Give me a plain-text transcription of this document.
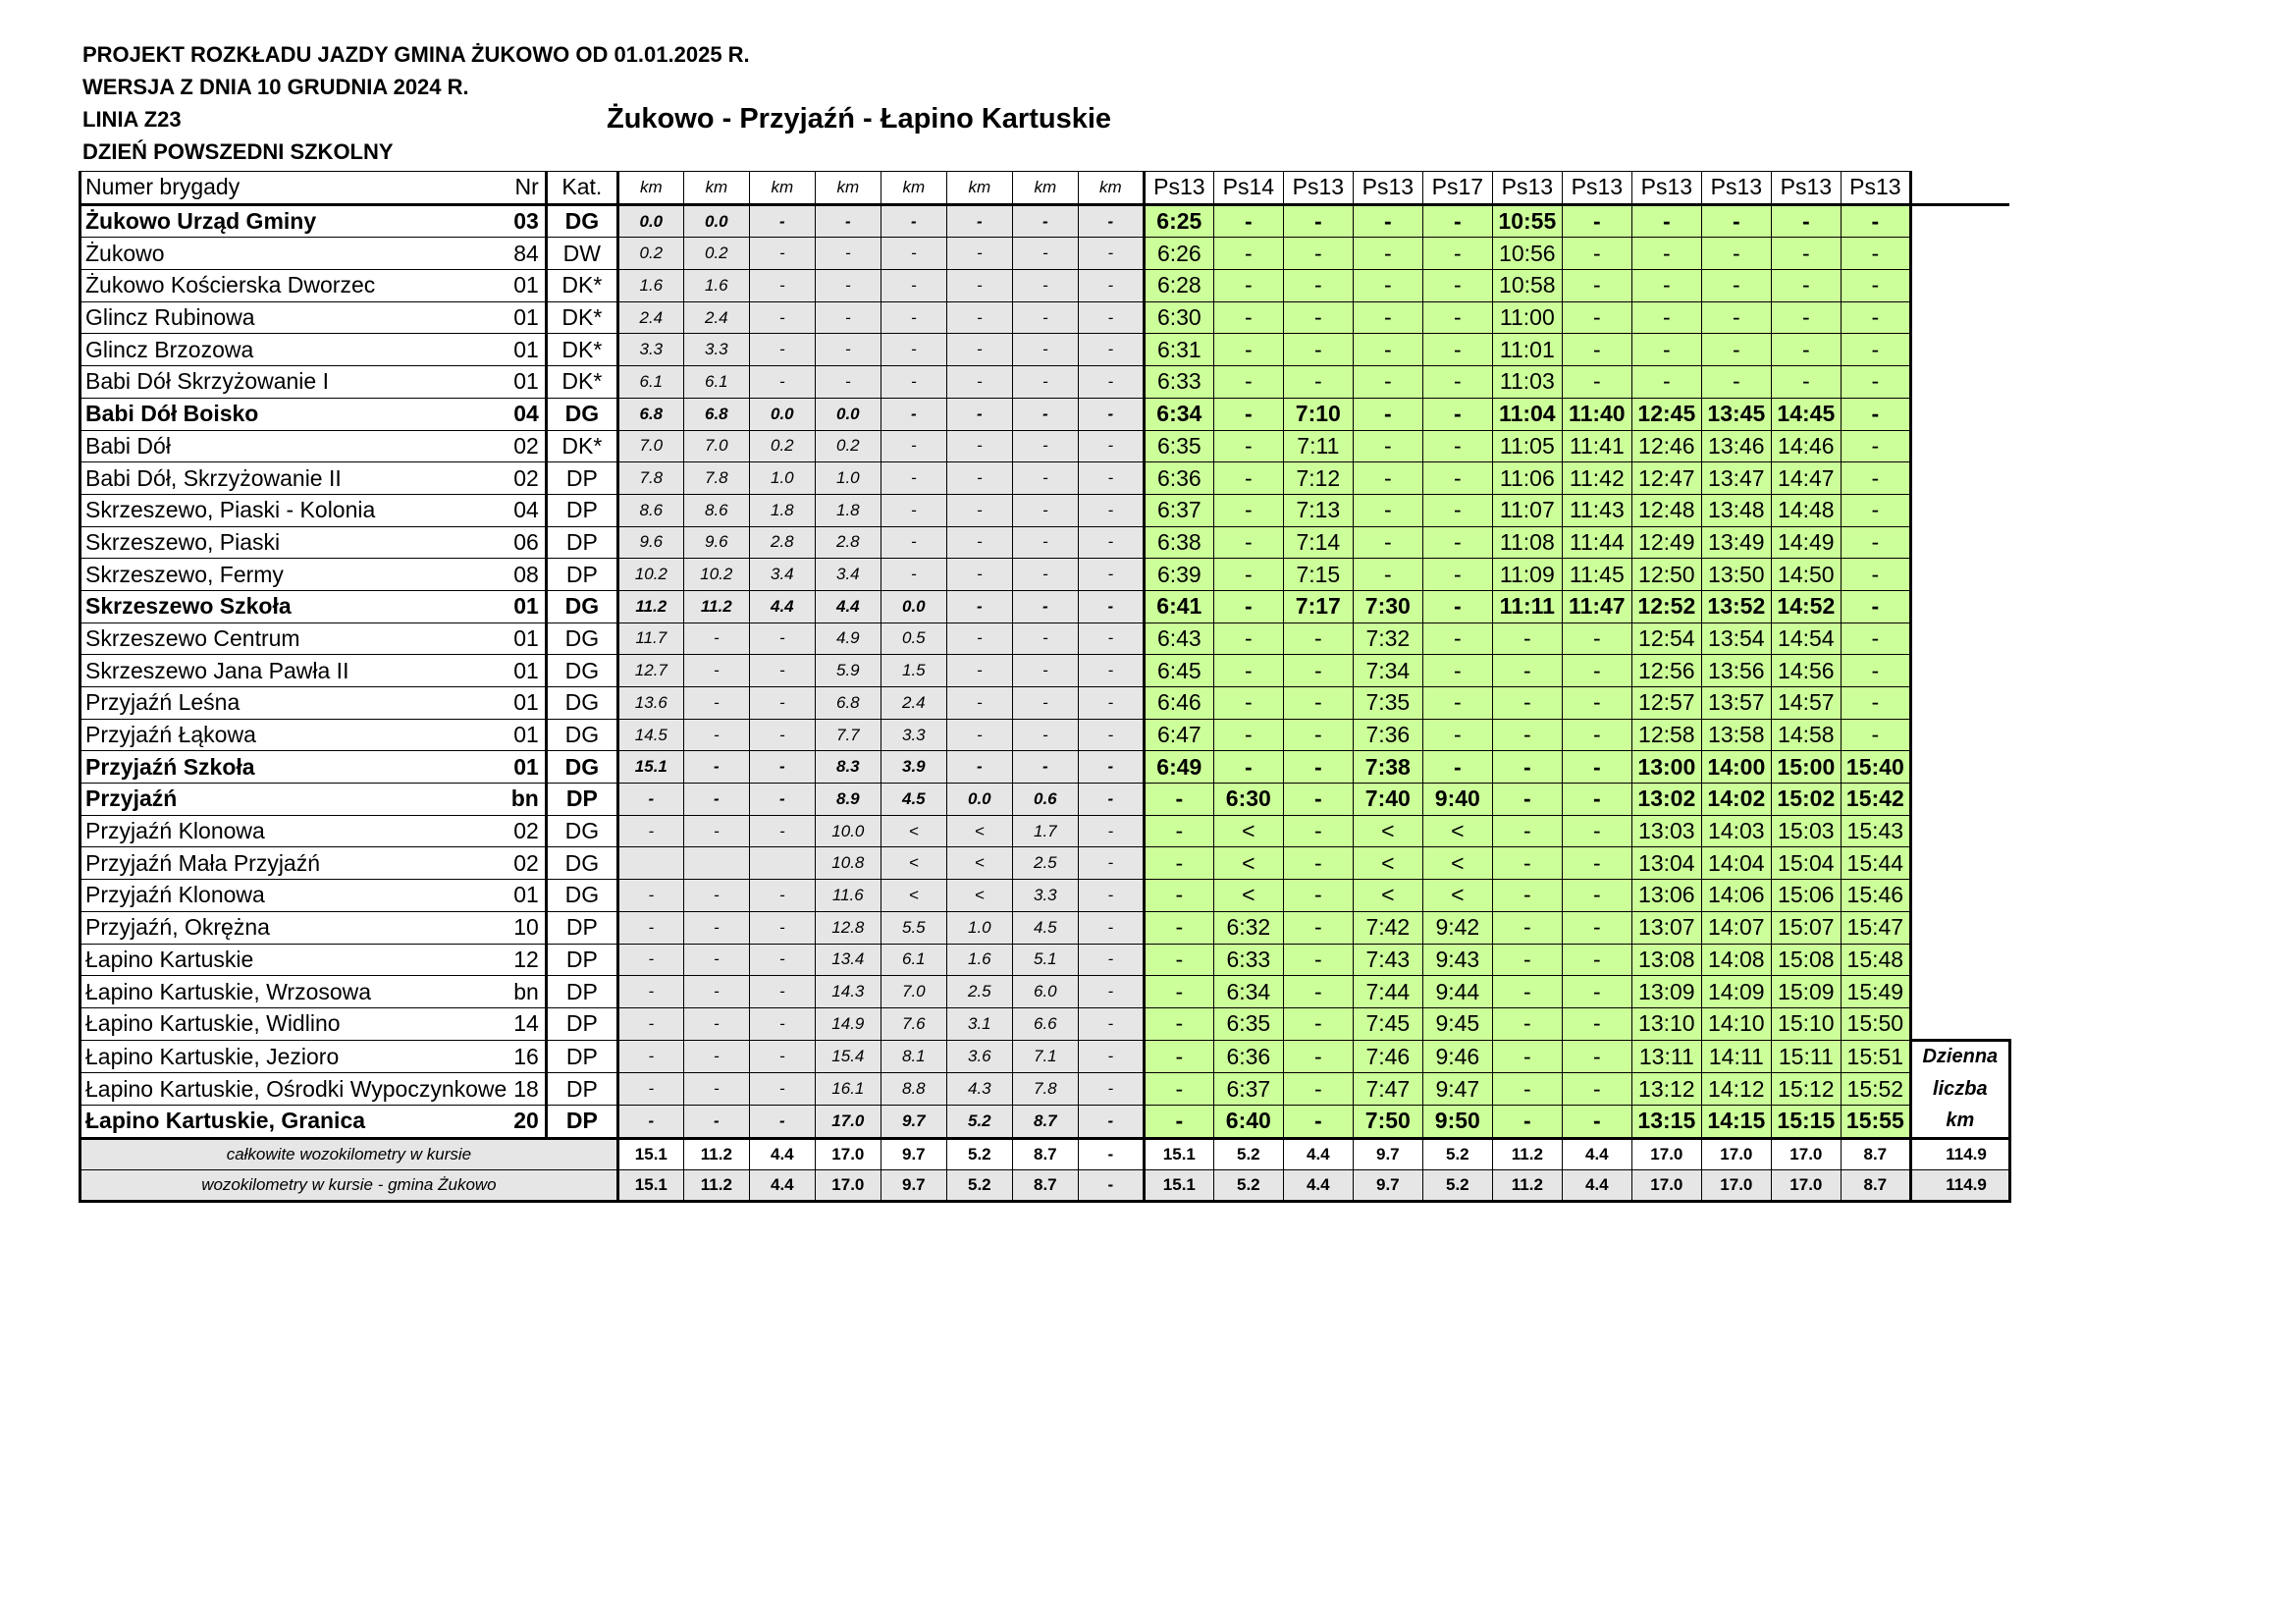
PROJEKT ROZKŁADU JAZDY GMINA ŻUKOWO OD 01.01.2025 R.
WERSJA Z DNIA 10 GRUDNIA 2024 R.
LINIA Z23
DZIEŃ POWSZEDNI SZKOLNY
Żukowo - Przyjaźń - Łapino Kartuskie
Numer brygady	Nr	Kat.	km	km	km	km	km	km	km	km	Ps13	Ps14	Ps13	Ps13	Ps17	Ps13	Ps13	Ps13	Ps13	Ps13	Ps13	
Żukowo Urząd Gminy	03	DG	0.0	0.0	-	-	-	-	-	-	6:25	-	-	-	-	10:55	-	-	-	-	-	
Żukowo	84	DW	0.2	0.2	-	-	-	-	-	-	6:26	-	-	-	-	10:56	-	-	-	-	-	
Żukowo Kościerska Dworzec	01	DK*	1.6	1.6	-	-	-	-	-	-	6:28	-	-	-	-	10:58	-	-	-	-	-	
Glincz Rubinowa	01	DK*	2.4	2.4	-	-	-	-	-	-	6:30	-	-	-	-	11:00	-	-	-	-	-	
Glincz Brzozowa	01	DK*	3.3	3.3	-	-	-	-	-	-	6:31	-	-	-	-	11:01	-	-	-	-	-	
Babi Dół Skrzyżowanie I	01	DK*	6.1	6.1	-	-	-	-	-	-	6:33	-	-	-	-	11:03	-	-	-	-	-	
Babi Dół Boisko	04	DG	6.8	6.8	0.0	0.0	-	-	-	-	6:34	-	7:10	-	-	11:04	11:40	12:45	13:45	14:45	-	
Babi Dół	02	DK*	7.0	7.0	0.2	0.2	-	-	-	-	6:35	-	7:11	-	-	11:05	11:41	12:46	13:46	14:46	-	
Babi Dół, Skrzyżowanie II	02	DP	7.8	7.8	1.0	1.0	-	-	-	-	6:36	-	7:12	-	-	11:06	11:42	12:47	13:47	14:47	-	
Skrzeszewo, Piaski - Kolonia	04	DP	8.6	8.6	1.8	1.8	-	-	-	-	6:37	-	7:13	-	-	11:07	11:43	12:48	13:48	14:48	-	
Skrzeszewo, Piaski	06	DP	9.6	9.6	2.8	2.8	-	-	-	-	6:38	-	7:14	-	-	11:08	11:44	12:49	13:49	14:49	-	
Skrzeszewo, Fermy	08	DP	10.2	10.2	3.4	3.4	-	-	-	-	6:39	-	7:15	-	-	11:09	11:45	12:50	13:50	14:50	-	
Skrzeszewo Szkoła	01	DG	11.2	11.2	4.4	4.4	0.0	-	-	-	6:41	-	7:17	7:30	-	11:11	11:47	12:52	13:52	14:52	-	
Skrzeszewo Centrum	01	DG	11.7	-	-	4.9	0.5	-	-	-	6:43	-	-	7:32	-	-	-	12:54	13:54	14:54	-	
Skrzeszewo Jana Pawła II	01	DG	12.7	-	-	5.9	1.5	-	-	-	6:45	-	-	7:34	-	-	-	12:56	13:56	14:56	-	
Przyjaźń Leśna	01	DG	13.6	-	-	6.8	2.4	-	-	-	6:46	-	-	7:35	-	-	-	12:57	13:57	14:57	-	
Przyjaźń Łąkowa	01	DG	14.5	-	-	7.7	3.3	-	-	-	6:47	-	-	7:36	-	-	-	12:58	13:58	14:58	-	
Przyjaźń Szkoła	01	DG	15.1	-	-	8.3	3.9	-	-	-	6:49	-	-	7:38	-	-	-	13:00	14:00	15:00	15:40	
Przyjaźń	bn	DP	-	-	-	8.9	4.5	0.0	0.6	-	-	6:30	-	7:40	9:40	-	-	13:02	14:02	15:02	15:42	
Przyjaźń Klonowa	02	DG	-	-	-	10.0	<	<	1.7	-	-	<	-	<	<	-	-	13:03	14:03	15:03	15:43	
Przyjaźń Mała Przyjaźń	02	DG				10.8	<	<	2.5	-	-	<	-	<	<	-	-	13:04	14:04	15:04	15:44	
Przyjaźń Klonowa	01	DG	-	-	-	11.6	<	<	3.3	-	-	<	-	<	<	-	-	13:06	14:06	15:06	15:46	
Przyjaźń, Okrężna	10	DP	-	-	-	12.8	5.5	1.0	4.5	-	-	6:32	-	7:42	9:42	-	-	13:07	14:07	15:07	15:47	
Łapino Kartuskie	12	DP	-	-	-	13.4	6.1	1.6	5.1	-	-	6:33	-	7:43	9:43	-	-	13:08	14:08	15:08	15:48	
Łapino Kartuskie, Wrzosowa	bn	DP	-	-	-	14.3	7.0	2.5	6.0	-	-	6:34	-	7:44	9:44	-	-	13:09	14:09	15:09	15:49	
Łapino Kartuskie, Widlino	14	DP	-	-	-	14.9	7.6	3.1	6.6	-	-	6:35	-	7:45	9:45	-	-	13:10	14:10	15:10	15:50	
Łapino Kartuskie, Jezioro	16	DP	-	-	-	15.4	8.1	3.6	7.1	-	-	6:36	-	7:46	9:46	-	-	13:11	14:11	15:11	15:51	Dzienna
Łapino Kartuskie, Ośrodki Wypoczynkowe	18	DP	-	-	-	16.1	8.8	4.3	7.8	-	-	6:37	-	7:47	9:47	-	-	13:12	14:12	15:12	15:52	liczba
Łapino Kartuskie, Granica	20	DP	-	-	-	17.0	9.7	5.2	8.7	-	-	6:40	-	7:50	9:50	-	-	13:15	14:15	15:15	15:55	km
całkowite wozokilometry w kursie			15.1	11.2	4.4	17.0	9.7	5.2	8.7	-	15.1	5.2	4.4	9.7	5.2	11.2	4.4	17.0	17.0	17.0	8.7	114.9
wozokilometry w kursie - gmina Żukowo			15.1	11.2	4.4	17.0	9.7	5.2	8.7	-	15.1	5.2	4.4	9.7	5.2	11.2	4.4	17.0	17.0	17.0	8.7	114.9
